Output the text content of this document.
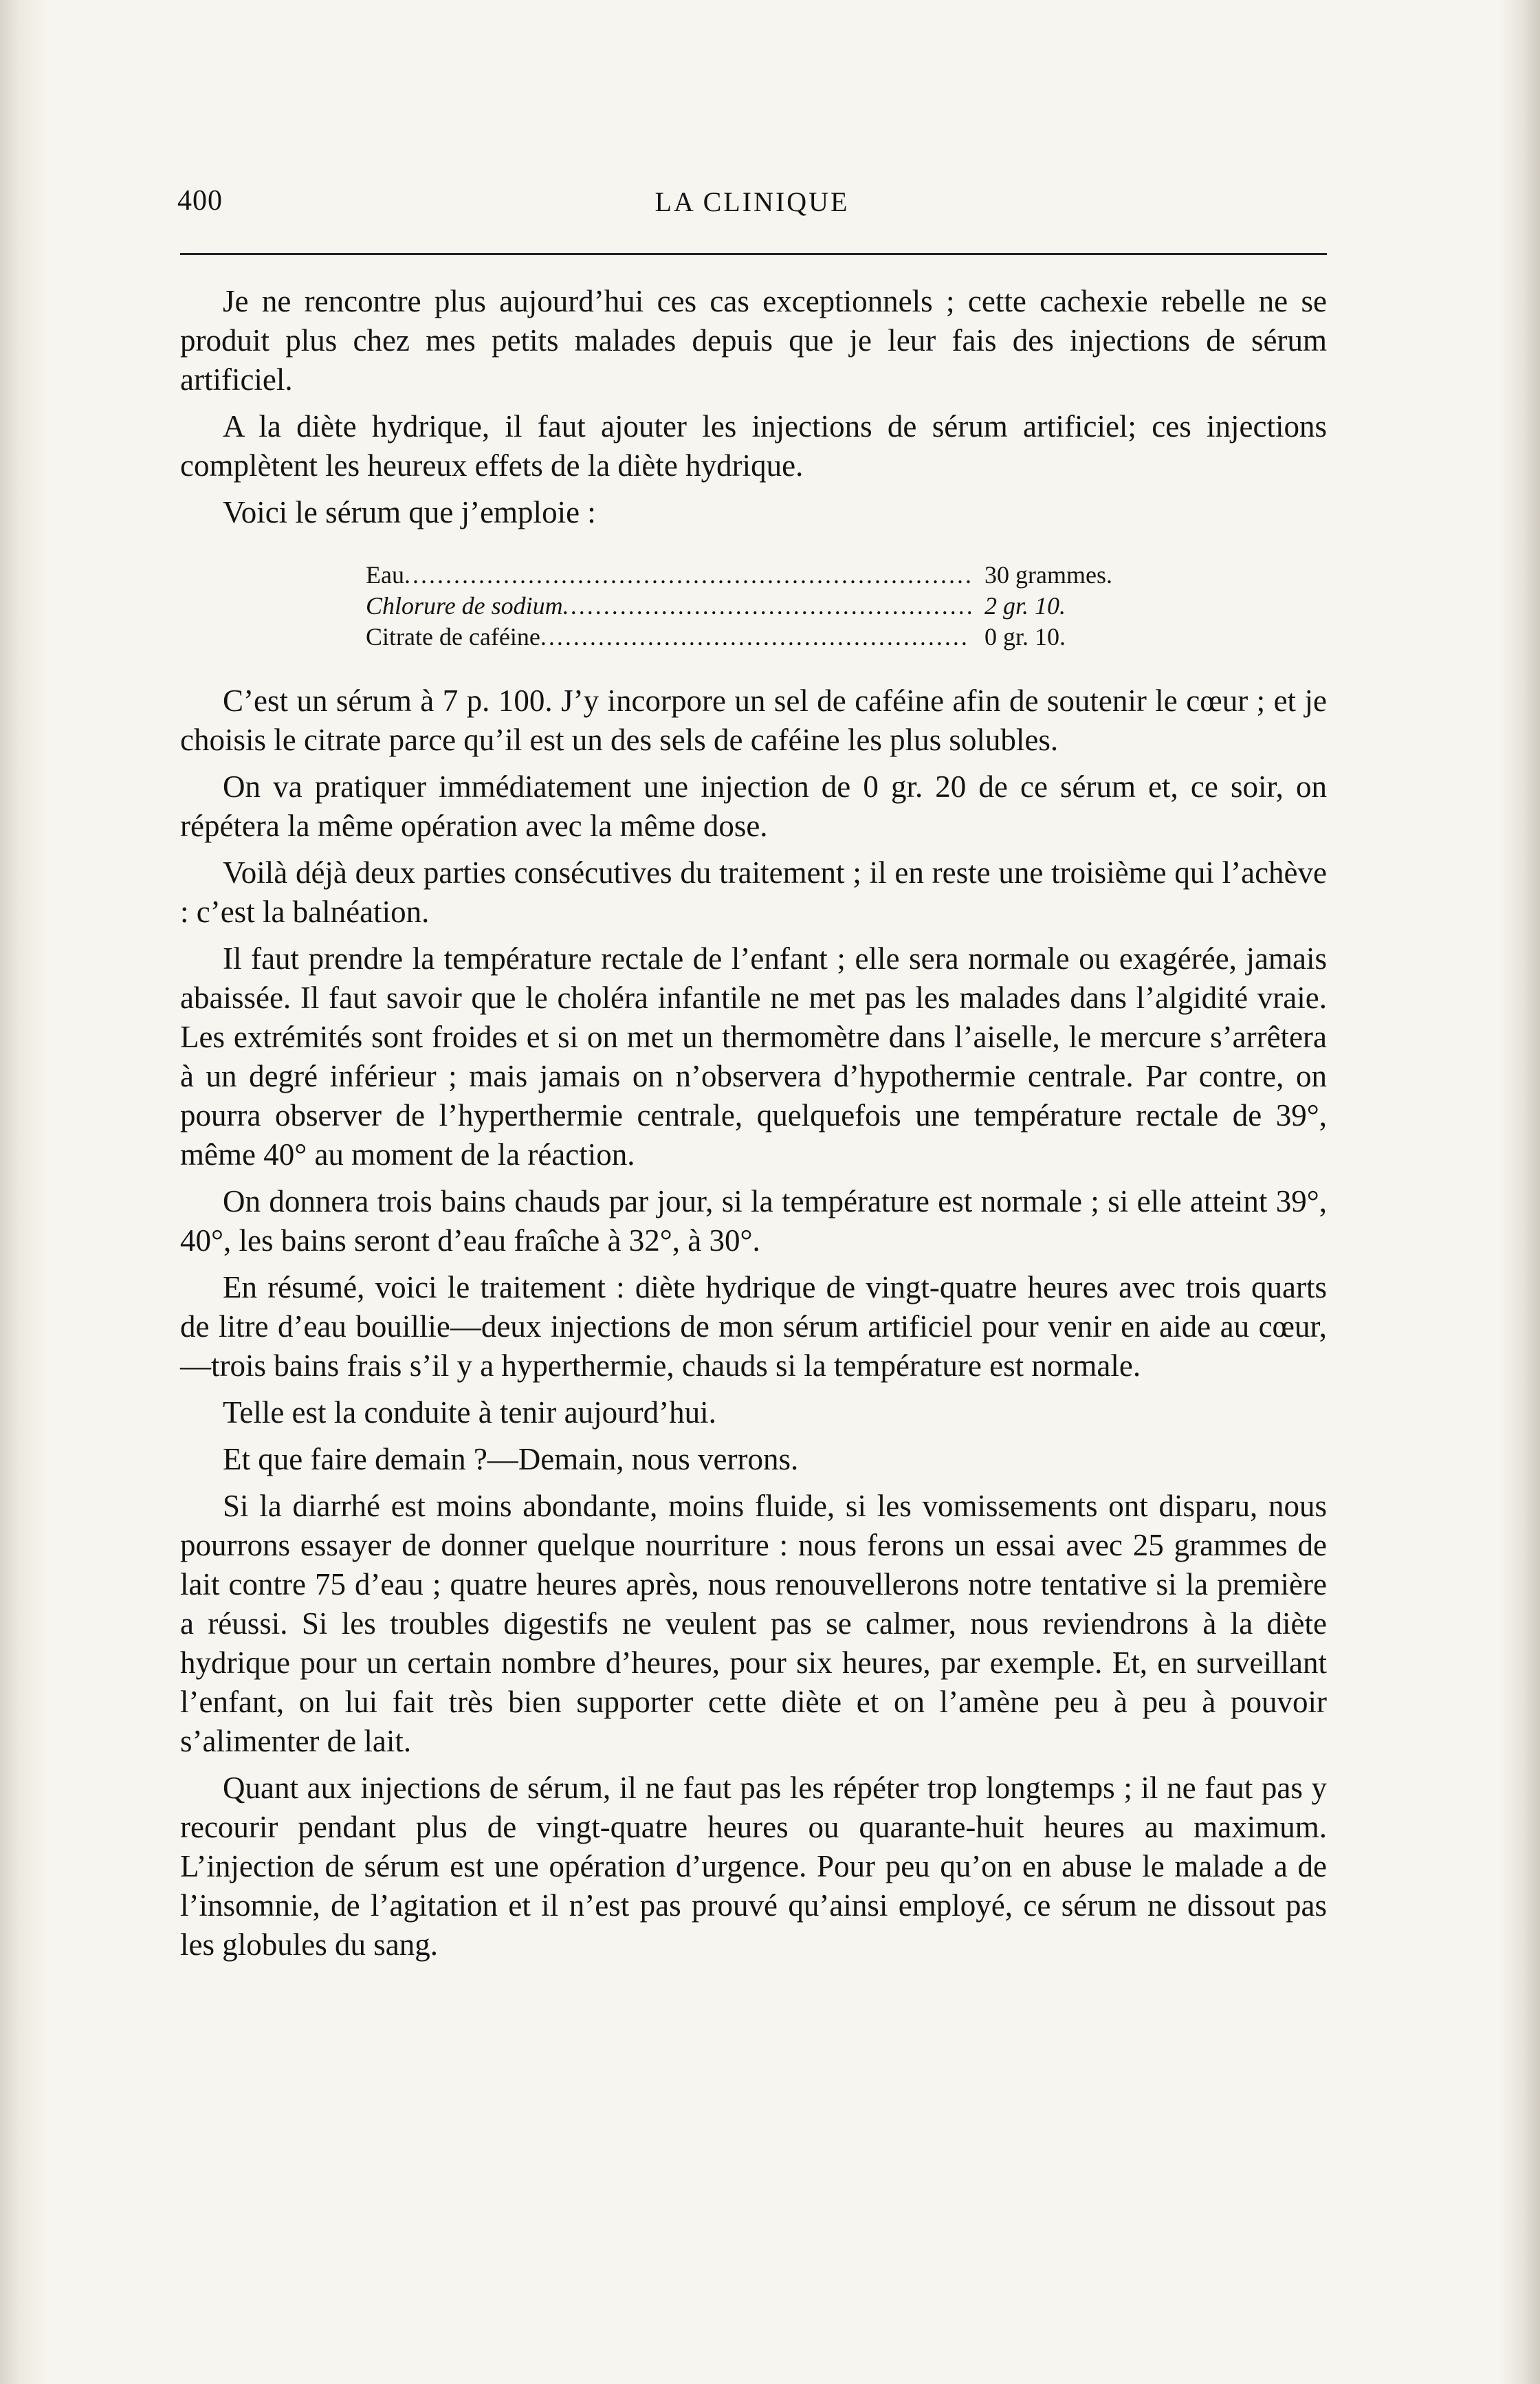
400	LA CLINIQUE

Je ne rencontre plus aujourd’hui ces cas exceptionnels ; cette cachexie rebelle ne se produit plus chez mes petits malades depuis que je leur fais des injections de sérum artificiel.

A la diète hydrique, il faut ajouter les injections de sérum artificiel; ces injections complètent les heureux effets de la diète hydrique.

Voici le sérum que j’emploie :

Eau .....	30 grammes.
Chlorure de sodium .....	2 gr. 10.
Citrate de caféine .....	0 gr. 10.

C’est un sérum à 7 p. 100. J’y incorpore un sel de caféine afin de soutenir le cœur ; et je choisis le citrate parce qu’il est un des sels de caféine les plus solubles.

On va pratiquer immédiatement une injection de 0 gr. 20 de ce sérum et, ce soir, on répétera la même opération avec la même dose.

Voilà déjà deux parties consécutives du traitement ; il en reste une troisième qui l’achève : c’est la balnéation.

Il faut prendre la température rectale de l’enfant ; elle sera normale ou exagérée, jamais abaissée. Il faut savoir que le choléra infantile ne met pas les malades dans l’algidité vraie. Les extrémités sont froides et si on met un thermomètre dans l’aiselle, le mercure s’arrêtera à un degré inférieur ; mais jamais on n’observera d’hypothermie centrale. Par contre, on pourra observer de l’hyperthermie centrale, quelquefois une température rectale de 39°, même 40° au moment de la réaction.

On donnera trois bains chauds par jour, si la température est normale ; si elle atteint 39°, 40°, les bains seront d’eau fraîche à 32°, à 30°.

En résumé, voici le traitement : diète hydrique de vingt-quatre heures avec trois quarts de litre d’eau bouillie—deux injections de mon sérum artificiel pour venir en aide au cœur,—trois bains frais s’il y a hyperthermie, chauds si la température est normale.

Telle est la conduite à tenir aujourd’hui.

Et que faire demain ?—Demain, nous verrons.

Si la diarrhé est moins abondante, moins fluide, si les vomissements ont disparu, nous pourrons essayer de donner quelque nourriture : nous ferons un essai avec 25 grammes de lait contre 75 d’eau ; quatre heures après, nous renouvellerons notre tentative si la première a réussi. Si les troubles digestifs ne veulent pas se calmer, nous reviendrons à la diète hydrique pour un certain nombre d’heures, pour six heures, par exemple. Et, en surveillant l’enfant, on lui fait très bien supporter cette diète et on l’amène peu à peu à pouvoir s’alimenter de lait.

Quant aux injections de sérum, il ne faut pas les répéter trop longtemps ; il ne faut pas y recourir pendant plus de vingt-quatre heures ou quarante-huit heures au maximum. L’injection de sérum est une opération d’urgence. Pour peu qu’on en abuse le malade a de l’insomnie, de l’agitation et il n’est pas prouvé qu’ainsi employé, ce sérum ne dissout pas les globules du sang.
